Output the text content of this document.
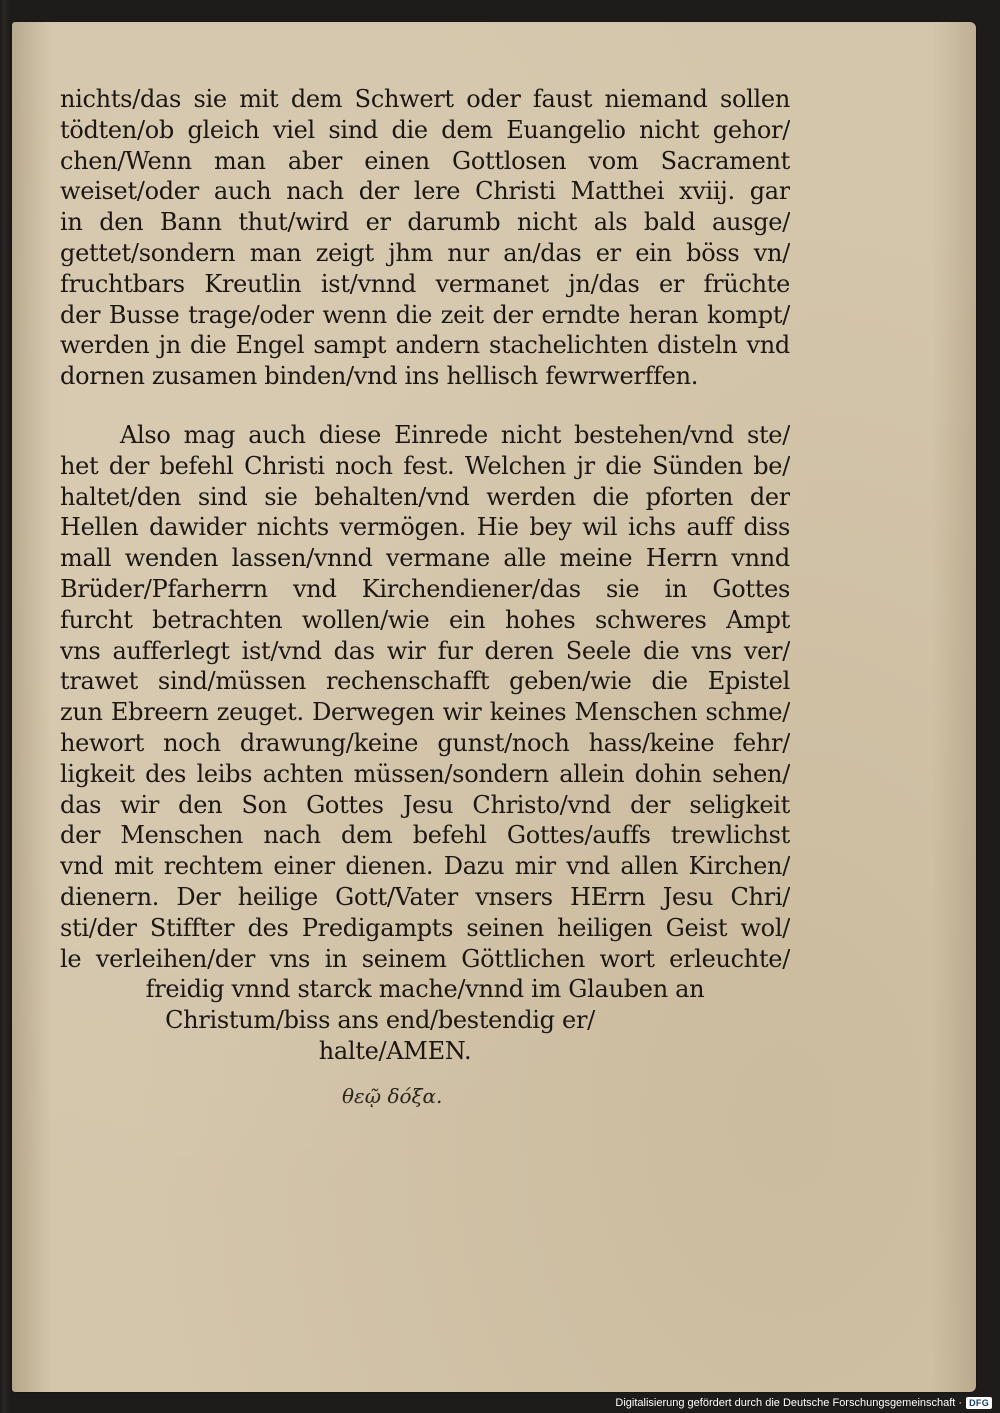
nichts/das sie mit dem Schwert oder faust niemand sollen
tödten/ob gleich viel sind die dem Euangelio nicht gehor/
chen/Wenn man aber einen Gottlosen vom Sacrament
weiset/oder auch nach der lere Christi Matthei xviij. gar
in den Bann thut/wird er darumb nicht als bald ausge/
gettet/sondern man zeigt jhm nur an/das er ein böss vn/
fruchtbars Kreutlin ist/vnnd vermanet jn/das er früchte
der Busse trage/oder wenn die zeit der erndte heran kompt/
werden jn die Engel sampt andern stachelichten disteln vnd
dornen zusamen binden/vnd ins hellisch fewrwerffen.
Also mag auch diese Einrede nicht bestehen/vnd ste/
het der befehl Christi noch fest. Welchen jr die Sünden be/
haltet/den sind sie behalten/vnd werden die pforten der
Hellen dawider nichts vermögen. Hie bey wil ichs auff diss
mall wenden lassen/vnnd vermane alle meine Herrn vnnd
Brüder/Pfarherrn vnd Kirchendiener/das sie in Gottes
furcht betrachten wollen/wie ein hohes schweres Ampt
vns aufferlegt ist/vnd das wir fur deren Seele die vns ver/
trawet sind/müssen rechenschafft geben/wie die Epistel
zun Ebreern zeuget. Derwegen wir keines Menschen schme/
hewort noch drawung/keine gunst/noch hass/keine fehr/
ligkeit des leibs achten müssen/sondern allein dohin sehen/
das wir den Son Gottes Jesu Christo/vnd der seligkeit
der Menschen nach dem befehl Gottes/auffs trewlichst
vnd mit rechtem einer dienen. Dazu mir vnd allen Kirchen/
dienern. Der heilige Gott/Vater vnsers HErrn Jesu Chri/
sti/der Stiffter des Predigampts seinen heiligen Geist wol/
le verleihen/der vns in seinem Göttlichen wort erleuchte/
freidig vnnd starck mache/vnnd im Glauben an
Christum/biss ans end/bestendig er/
halte/AMEN.
θεῷ δόξα.
Digitalisierung gefördert durch die Deutsche Forschungsgemeinschaft · DFG
